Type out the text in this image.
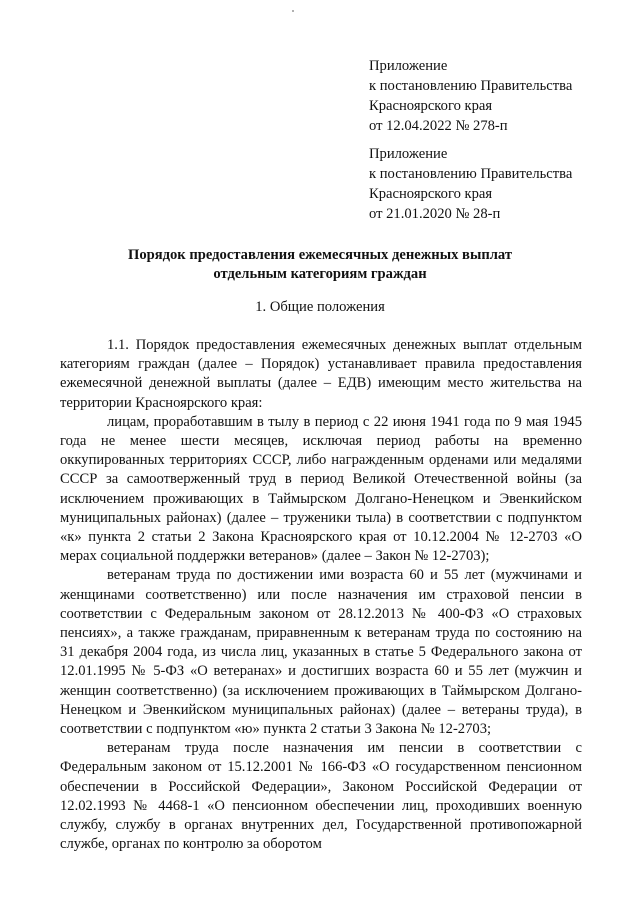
Приложение
к постановлению Правительства
Красноярского края
от 12.04.2022 № 278-п
Приложение
к постановлению Правительства
Красноярского края
от 21.01.2020 № 28-п
Порядок предоставления ежемесячных денежных выплат
отдельным категориям граждан
1. Общие положения

1.1. Порядок предоставления ежемесячных денежных выплат отдельным категориям граждан (далее – Порядок) устанавливает правила предоставления ежемесячной денежной выплаты (далее – ЕДВ) имеющим место жительства на территории Красноярского края:

лицам, проработавшим в тылу в период с 22 июня 1941 года по 9 мая 1945 года не менее шести месяцев, исключая период работы на временно оккупированных территориях СССР, либо награжденным орденами или медалями СССР за самоотверженный труд в период Великой Отечественной войны (за исключением проживающих в Таймырском Долгано-Ненецком и Эвенкийском муниципальных районах) (далее – труженики тыла) в соответствии с подпунктом «к» пункта 2 статьи 2 Закона Красноярского края от 10.12.2004 № 12-2703 «О мерах социальной поддержки ветеранов» (далее – Закон № 12-2703);

ветеранам труда по достижении ими возраста 60 и 55 лет (мужчинами и женщинами соответственно) или после назначения им страховой пенсии в соответствии с Федеральным законом от 28.12.2013 № 400-ФЗ «О страховых пенсиях», а также гражданам, приравненным к ветеранам труда по состоянию на 31 декабря 2004 года, из числа лиц, указанных в статье 5 Федерального закона от 12.01.1995 № 5-ФЗ «О ветеранах» и достигших возраста 60 и 55 лет (мужчин и женщин соответственно) (за исключением проживающих в Таймырском Долгано-Ненецком и Эвенкийском муниципальных районах) (далее – ветераны труда), в соответствии с подпунктом «ю» пункта 2 статьи 3 Закона № 12-2703;

ветеранам труда после назначения им пенсии в соответствии с Федеральным законом от 15.12.2001 № 166-ФЗ «О государственном пенсионном обеспечении в Российской Федерации», Законом Российской Федерации от 12.02.1993 № 4468-1 «О пенсионном обеспечении лиц, проходивших военную службу, службу в органах внутренних дел, Государственной противопожарной службе, органах по контролю за оборотом
